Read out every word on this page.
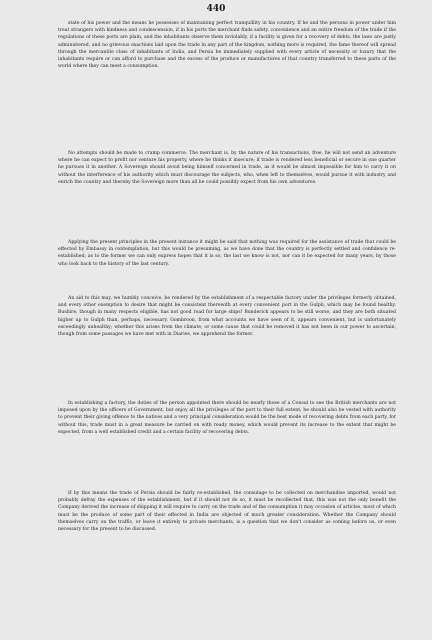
440

state of his power and the means he possesses of maintaining perfect tranquillity in his country. If he and the persons in power under him treat strangers with kindness and condescension, if in his ports the merchant finds safety, convenience and an entire freedom of the trade if the regulations of these ports are plain, and the inhabitants observe them inviolably, if a facility is given for a recovery of debts, the laws are justly administered, and no grievous exactions laid upon the trade in any part of the kingdom, nothing more is required, the fame thereof will spread through the mercantile class of inhabitants of India, and Persia be immediately supplied with every article of necessity or luxury that the inhabitants require or can afford to purchase and the excess of the produce or manufactures of that country transferred to these parts of the world where they can meet a consumption.

No attempts should be made to cramp commerce. The merchant is, by the nature of his transactions, free, he will not send an adventure where he can expect to profit nor venture his property, where he thinks it insecure; if trade is rendered less beneficial or secure in one quarter he pursues it in another. A Sovereign should avoid being himself concerned in trade, as it would be almost impossible for him to carry it on without the interference of his authority which must discourage the subjects, who, when left to themselves, would pursue it with industry and enrich the country and thereby the Sovereign more than all he could possibly expect from his own adventures.

Applying the present principles in the present instance it might be said that nothing was required for the assistance of trade that could be effected by Embassy in contemplation, but this would be presuming, as we have done that the country is perfectly settled and confidence re-established; as to the former we can only express hopes that it is so, the last we know is not, nor can it be expected for many years, by those who look back to the history of the last century.

An aid to this may, we humbly conceive, be rendered by the establishment of a respectable factory under the privileges formerly obtained, and every other exemption to desire that might be consistent therewith at every convenient port in the Gulph, which may be found healthy. Bushire, though in many respects eligible, has not good road for large ships! Bunderick appears to be still worse, and they are both situated higher up to Gulph than, perhaps, necessary. Gombroon, from what accounts we have seen of it, appears convenient, but is unfortunately exceedingly unhealthy; whether this arises from the climate, or some cause that could be removed it has not been in our power to ascertain, though from some passages we have met with in Diaries, we apprehend the former.

In establishing a factory, the duties of the person appointed there should be nearly those of a Consul to see the British merchants are not imposed upon by the officers of Government, but enjoy all the privileges of the port to their full extent; he should also be vested with authority to prevent their giving offence to the natives and a very principal consideration would be the best mode of recovering debts from each party, for without this, trade must in a great measure be carried on with ready money, which would prevent its increase to the extent that might be expected, from a well established credit and a certain facility of recovering debts.

If by this means the trade of Persia should be fairly re-established, the consulage to be collected on merchandise imported, would not probably defray the expenses of the establishment, but if it should not do so, it must be recollected that, this was not the only benefit the Company derived the increase of shipping it will require to carry on the trade and of the consumption it may occasion of articles, most of which must be the produce of some part of their effected in India are objected of much greater consideration. Whether the Company should themselves carry on the traffic, or leave it entirely to private merchants, is a question that we don't consider as coming before us, or even necessary for the present to be discussed.
